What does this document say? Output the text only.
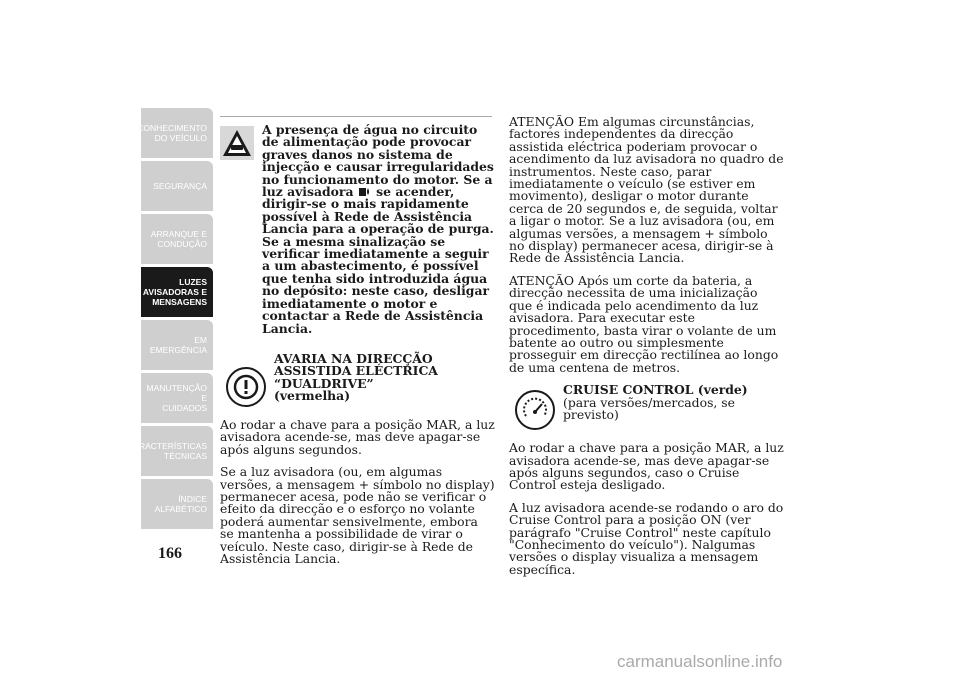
CONHECIMENTO
DO VEÍCULO
SEGURANÇA
ARRANQUE E
CONDUÇÃO
LUZES
AVISADORAS E
MENSAGENS
EM EMERGÊNCIA
MANUTENÇÃO E
CUIDADOS
CARACTERÍSTICAS
TÉCNICAS
ÍNDICE
ALFABÉTICO
166

A presença de água no circuito de alimentação pode provocar graves danos no sistema de injecção e causar irregularidades no funcionamento do motor. Se a luz avisadora se acender, dirigir-se o mais rapidamente possível à Rede de Assistência Lancia para a operação de purga. Se a mesma sinalização se verificar imediatamente a seguir a um abastecimento, é possível que tenha sido introduzida água no depósito: neste caso, desligar imediatamente o motor e contactar a Rede de Assistência Lancia.

AVARIA NA DIRECÇÃO ASSISTIDA ELÉCTRICA “DUALDRIVE”
(vermelha)

Ao rodar a chave para a posição MAR, a luz avisadora acende-se, mas deve apagar-se após alguns segundos.

Se a luz avisadora (ou, em algumas versões, a mensagem + símbolo no display) permanecer acesa, pode não se verificar o efeito da direcção e o esforço no volante poderá aumentar sensivelmente, embora se mantenha a possibilidade de virar o veículo. Neste caso, dirigir-se à Rede de Assistência Lancia.

ATENÇÃO Em algumas circunstâncias, factores independentes da direcção assistida eléctrica poderiam provocar o acendimento da luz avisadora no quadro de instrumentos. Neste caso, parar imediatamente o veículo (se estiver em movimento), desligar o motor durante cerca de 20 segundos e, de seguida, voltar a ligar o motor. Se a luz avisadora (ou, em algumas versões, a mensagem + símbolo no display) permanecer acesa, dirigir-se à Rede de Assistência Lancia.

ATENÇÃO Após um corte da bateria, a direcção necessita de uma inicialização que é indicada pelo acendimento da luz avisadora. Para executar este procedimento, basta virar o volante de um batente ao outro ou simplesmente prosseguir em direcção rectilínea ao longo de uma centena de metros.

CRUISE CONTROL (verde)
(para versões/mercados, se previsto)

Ao rodar a chave para a posição MAR, a luz avisadora acende-se, mas deve apagar-se após alguns segundos, caso o Cruise Control esteja desligado.

A luz avisadora acende-se rodando o aro do Cruise Control para a posição ON (ver parágrafo "Cruise Control" neste capítulo "Conhecimento do veículo"). Nalgumas versões o display visualiza a mensagem específica.

carmanualsonline.info
